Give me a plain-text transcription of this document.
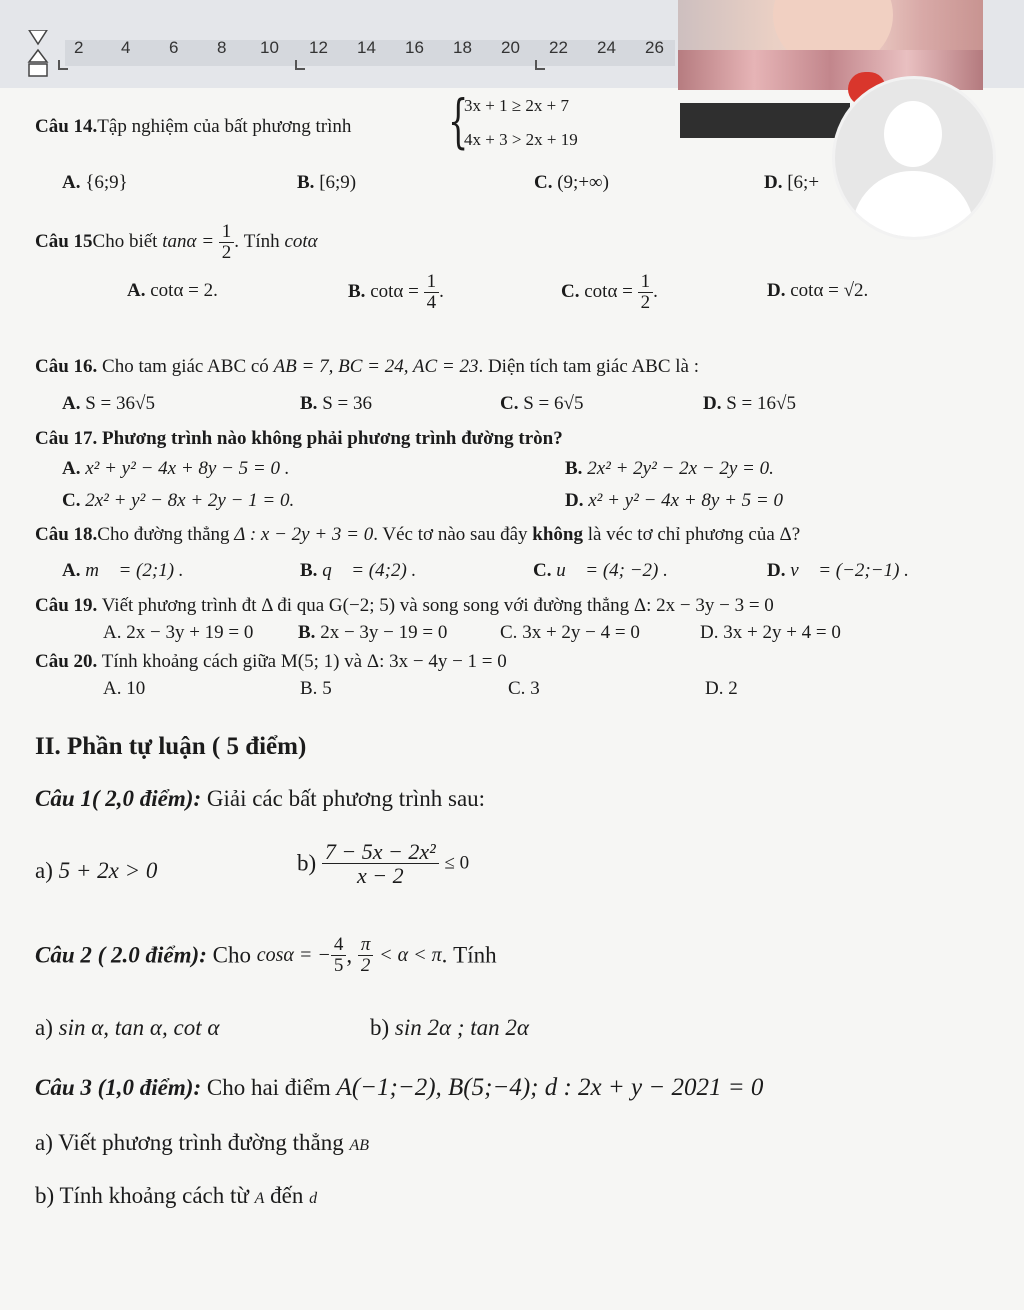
2 4 6 8 10 12 14 16 18 20 22 24 26
Câu 14.Tập nghiệm của bất phương trình {
3x + 1 ≥ 2x + 7
4x + 3 > 2x + 19
A. {6;9}	B. [6;9)	C. (9;+∞)	D. [6;+
Câu 15Cho biết $\tan\alpha = \frac{1}{2}$ . Tính cotα
A. cotα = 2.	B. $\cot\alpha = \frac{1}{4}$ .	C. $\cot\alpha = \frac{1}{2}$ .	D. cotα = √2.
Câu 16. Cho tam giác ABC có AB = 7, BC = 24, AC = 23. Diện tích tam giác ABC là :
A. S = 36√5	B. S = 36	C. S = 6√5	D. S = 16√5
Câu 17. Phương trình nào không phải phương trình đường tròn?
A. x² + y² − 4x + 8y − 5 = 0 .	B. 2x² + 2y² − 2x − 2y = 0.
C. 2x² + y² − 8x + 2y − 1 = 0.	D. x² + y² − 4x + 8y + 5 = 0
Câu 18.Cho đường thẳng Δ : x − 2y + 3 = 0. Véc tơ nào sau đây không là véc tơ chỉ phương của Δ?
A. m⃗ = (2;1) .	B. q⃗ = (4;2) .	C. u⃗ = (4; −2) .	D. v⃗ = (−2;−1) .
Câu 19. Viết phương trình đt Δ đi qua G(−2; 5) và song song với đường thẳng Δ: 2x − 3y − 3 = 0
A. 2x − 3y + 19 = 0 B. 2x − 3y − 19 = 0	C. 3x + 2y − 4 = 0	D. 3x + 2y + 4 = 0
Câu 20. Tính khoảng cách giữa M(5; 1) và Δ: 3x − 4y − 1 = 0
A. 10	B. 5	C. 3	D. 2
II. Phần tự luận ( 5 điểm)
Câu 1( 2,0 điểm): Giải các bất phương trình sau:
a) 5 + 2x > 0	$b) \frac{\text{7 − 5x − 2x²}}{x - 2} \le 0$
Câu 2 ( 2.0 điểm): Cho cosα = − $\frac{4}{5}$ , $\frac{\pi}{2} < \alpha < \pi$. Tính
a) sin α, tan α, cot α	b) sin 2α ; tan 2α
Câu 3 (1,0 điểm): Cho hai điểm A(−1;−2), B(5;−4); d : 2x + y − 2021 = 0
a) Viết phương trình đường thẳng AB
b) Tính khoảng cách từ A đến d
